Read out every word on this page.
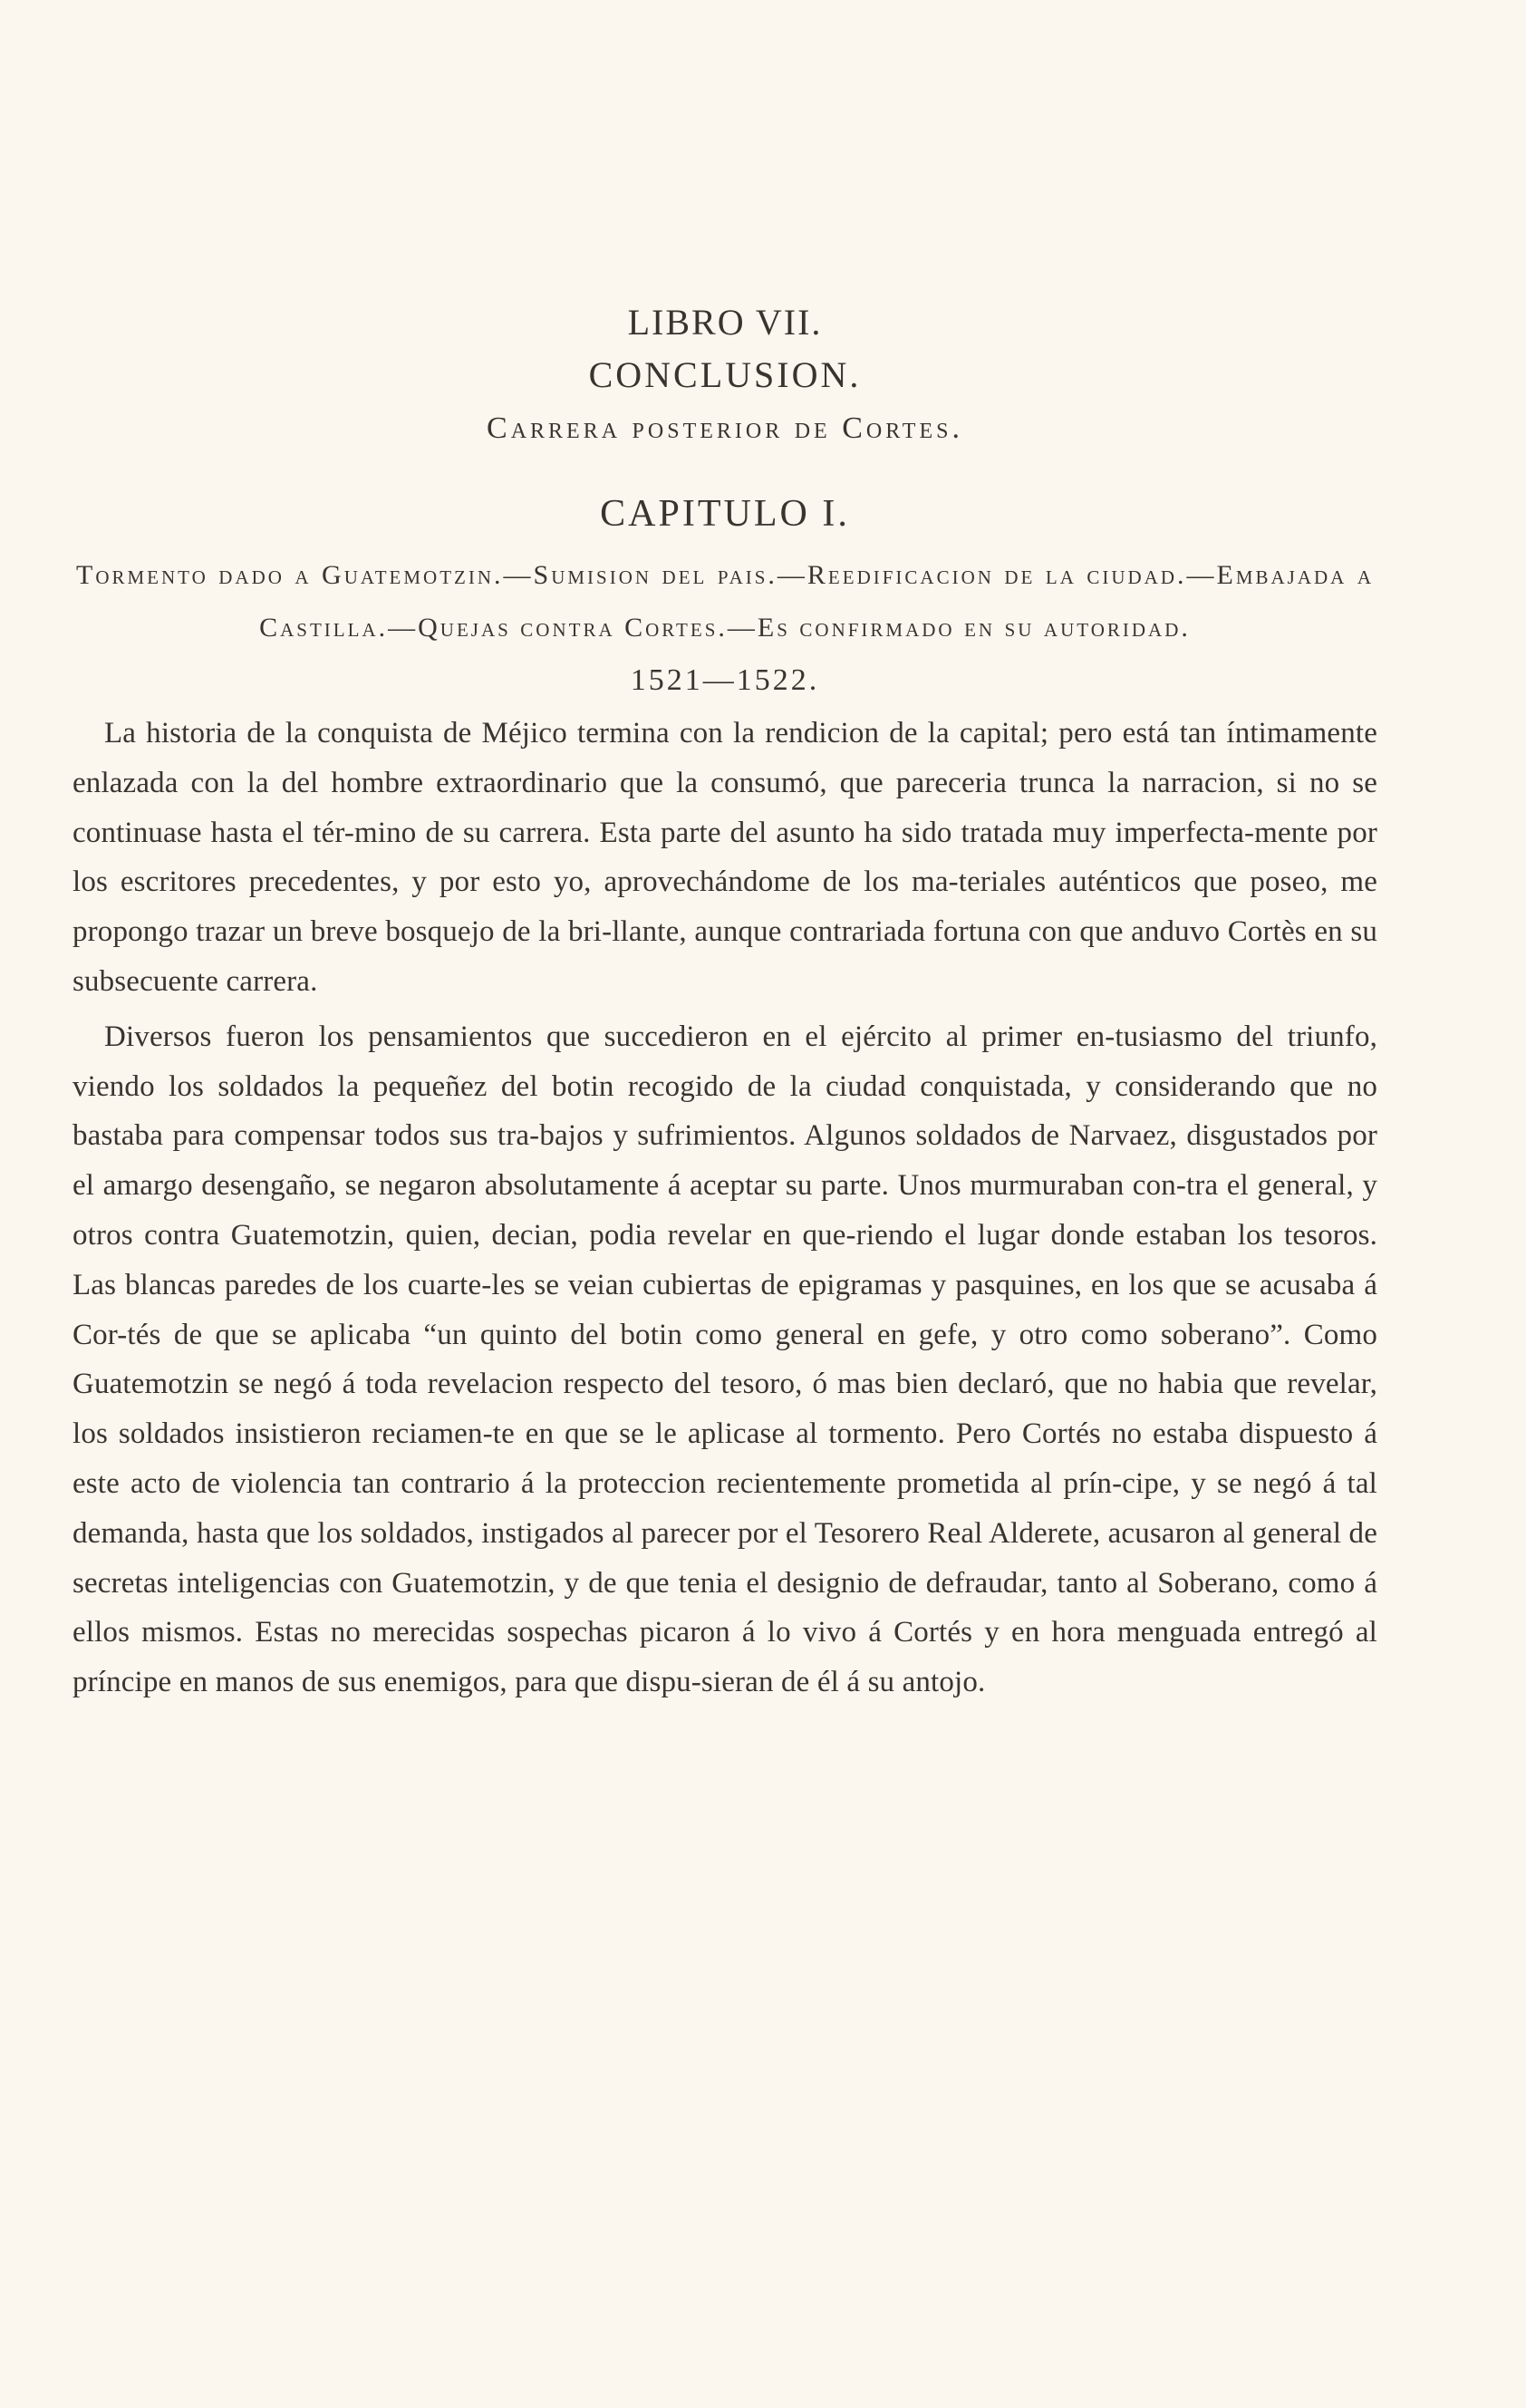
LIBRO VII.

CONCLUSION.

Carrera posterior de Cortes.

CAPITULO I.

Tormento dado a Guatemotzin.—Sumision del pais.—Reedificacion de la ciudad.—Embajada a Castilla.—Quejas contra Cortes.—Es confirmado en su autoridad.

1521—1522.

La historia de la conquista de Méjico termina con la rendicion de la capital; pero está tan íntimamente enlazada con la del hombre extraordinario que la consumó, que pareceria trunca la narracion, si no se continuase hasta el tér-mino de su carrera. Esta parte del asunto ha sido tratada muy imperfecta-mente por los escritores precedentes, y por esto yo, aprovechándome de los ma-teriales auténticos que poseo, me propongo trazar un breve bosquejo de la bri-llante, aunque contrariada fortuna con que anduvo Cortès en su subsecuente carrera.

Diversos fueron los pensamientos que succedieron en el ejército al primer en-tusiasmo del triunfo, viendo los soldados la pequeñez del botin recogido de la ciudad conquistada, y considerando que no bastaba para compensar todos sus tra-bajos y sufrimientos. Algunos soldados de Narvaez, disgustados por el amargo desengaño, se negaron absolutamente á aceptar su parte. Unos murmuraban con-tra el general, y otros contra Guatemotzin, quien, decian, podia revelar en que-riendo el lugar donde estaban los tesoros. Las blancas paredes de los cuarte-les se veian cubiertas de epigramas y pasquines, en los que se acusaba á Cor-tés de que se aplicaba “un quinto del botin como general en gefe, y otro como soberano”. Como Guatemotzin se negó á toda revelacion respecto del tesoro, ó mas bien declaró, que no habia que revelar, los soldados insistieron reciamen-te en que se le aplicase al tormento. Pero Cortés no estaba dispuesto á este acto de violencia tan contrario á la proteccion recientemente prometida al prín-cipe, y se negó á tal demanda, hasta que los soldados, instigados al parecer por el Tesorero Real Alderete, acusaron al general de secretas inteligencias con Guatemotzin, y de que tenia el designio de defraudar, tanto al Soberano, como á ellos mismos. Estas no merecidas sospechas picaron á lo vivo á Cortés y en hora menguada entregó al príncipe en manos de sus enemigos, para que dispu-sieran de él á su antojo.
